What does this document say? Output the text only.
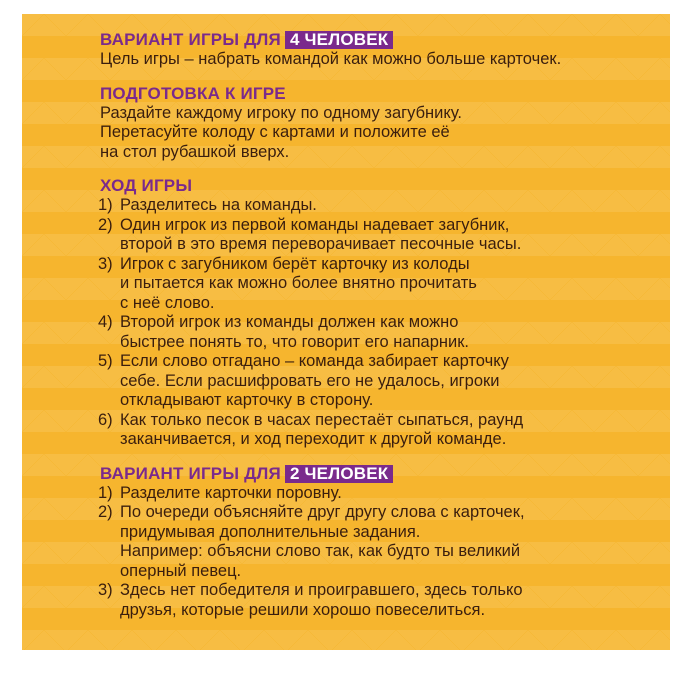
ВАРИАНТ ИГРЫ ДЛЯ 4 ЧЕЛОВЕК

Цель игры – набрать командой как можно больше карточек.

ПОДГОТОВКА К ИГРЕ

Раздайте каждому игроку по одному загубнику.
Перетасуйте колоду с картами и положите её
на стол рубашкой вверх.

ХОД ИГРЫ

1) Разделитесь на команды.
2) Один игрок из первой команды надевает загубник,
второй в это время переворачивает песочные часы.
3) Игрок с загубником берёт карточку из колоды
и пытается как можно более внятно прочитать
с неё слово.
4) Второй игрок из команды должен как можно
быстрее понять то, что говорит его напарник.
5) Если слово отгадано – команда забирает карточку
себе. Если расшифровать его не удалось, игроки
откладывают карточку в сторону.
6) Как только песок в часах перестаёт сыпаться, раунд
заканчивается, и ход переходит к другой команде.

ВАРИАНТ ИГРЫ ДЛЯ 2 ЧЕЛОВЕК

1) Разделите карточки поровну.
2) По очереди объясняйте друг другу слова с карточек,
придумывая дополнительные задания.
Например: объясни слово так, как будто ты великий
оперный певец.
3) Здесь нет победителя и проигравшего, здесь только
друзья, которые решили хорошо повеселиться.
